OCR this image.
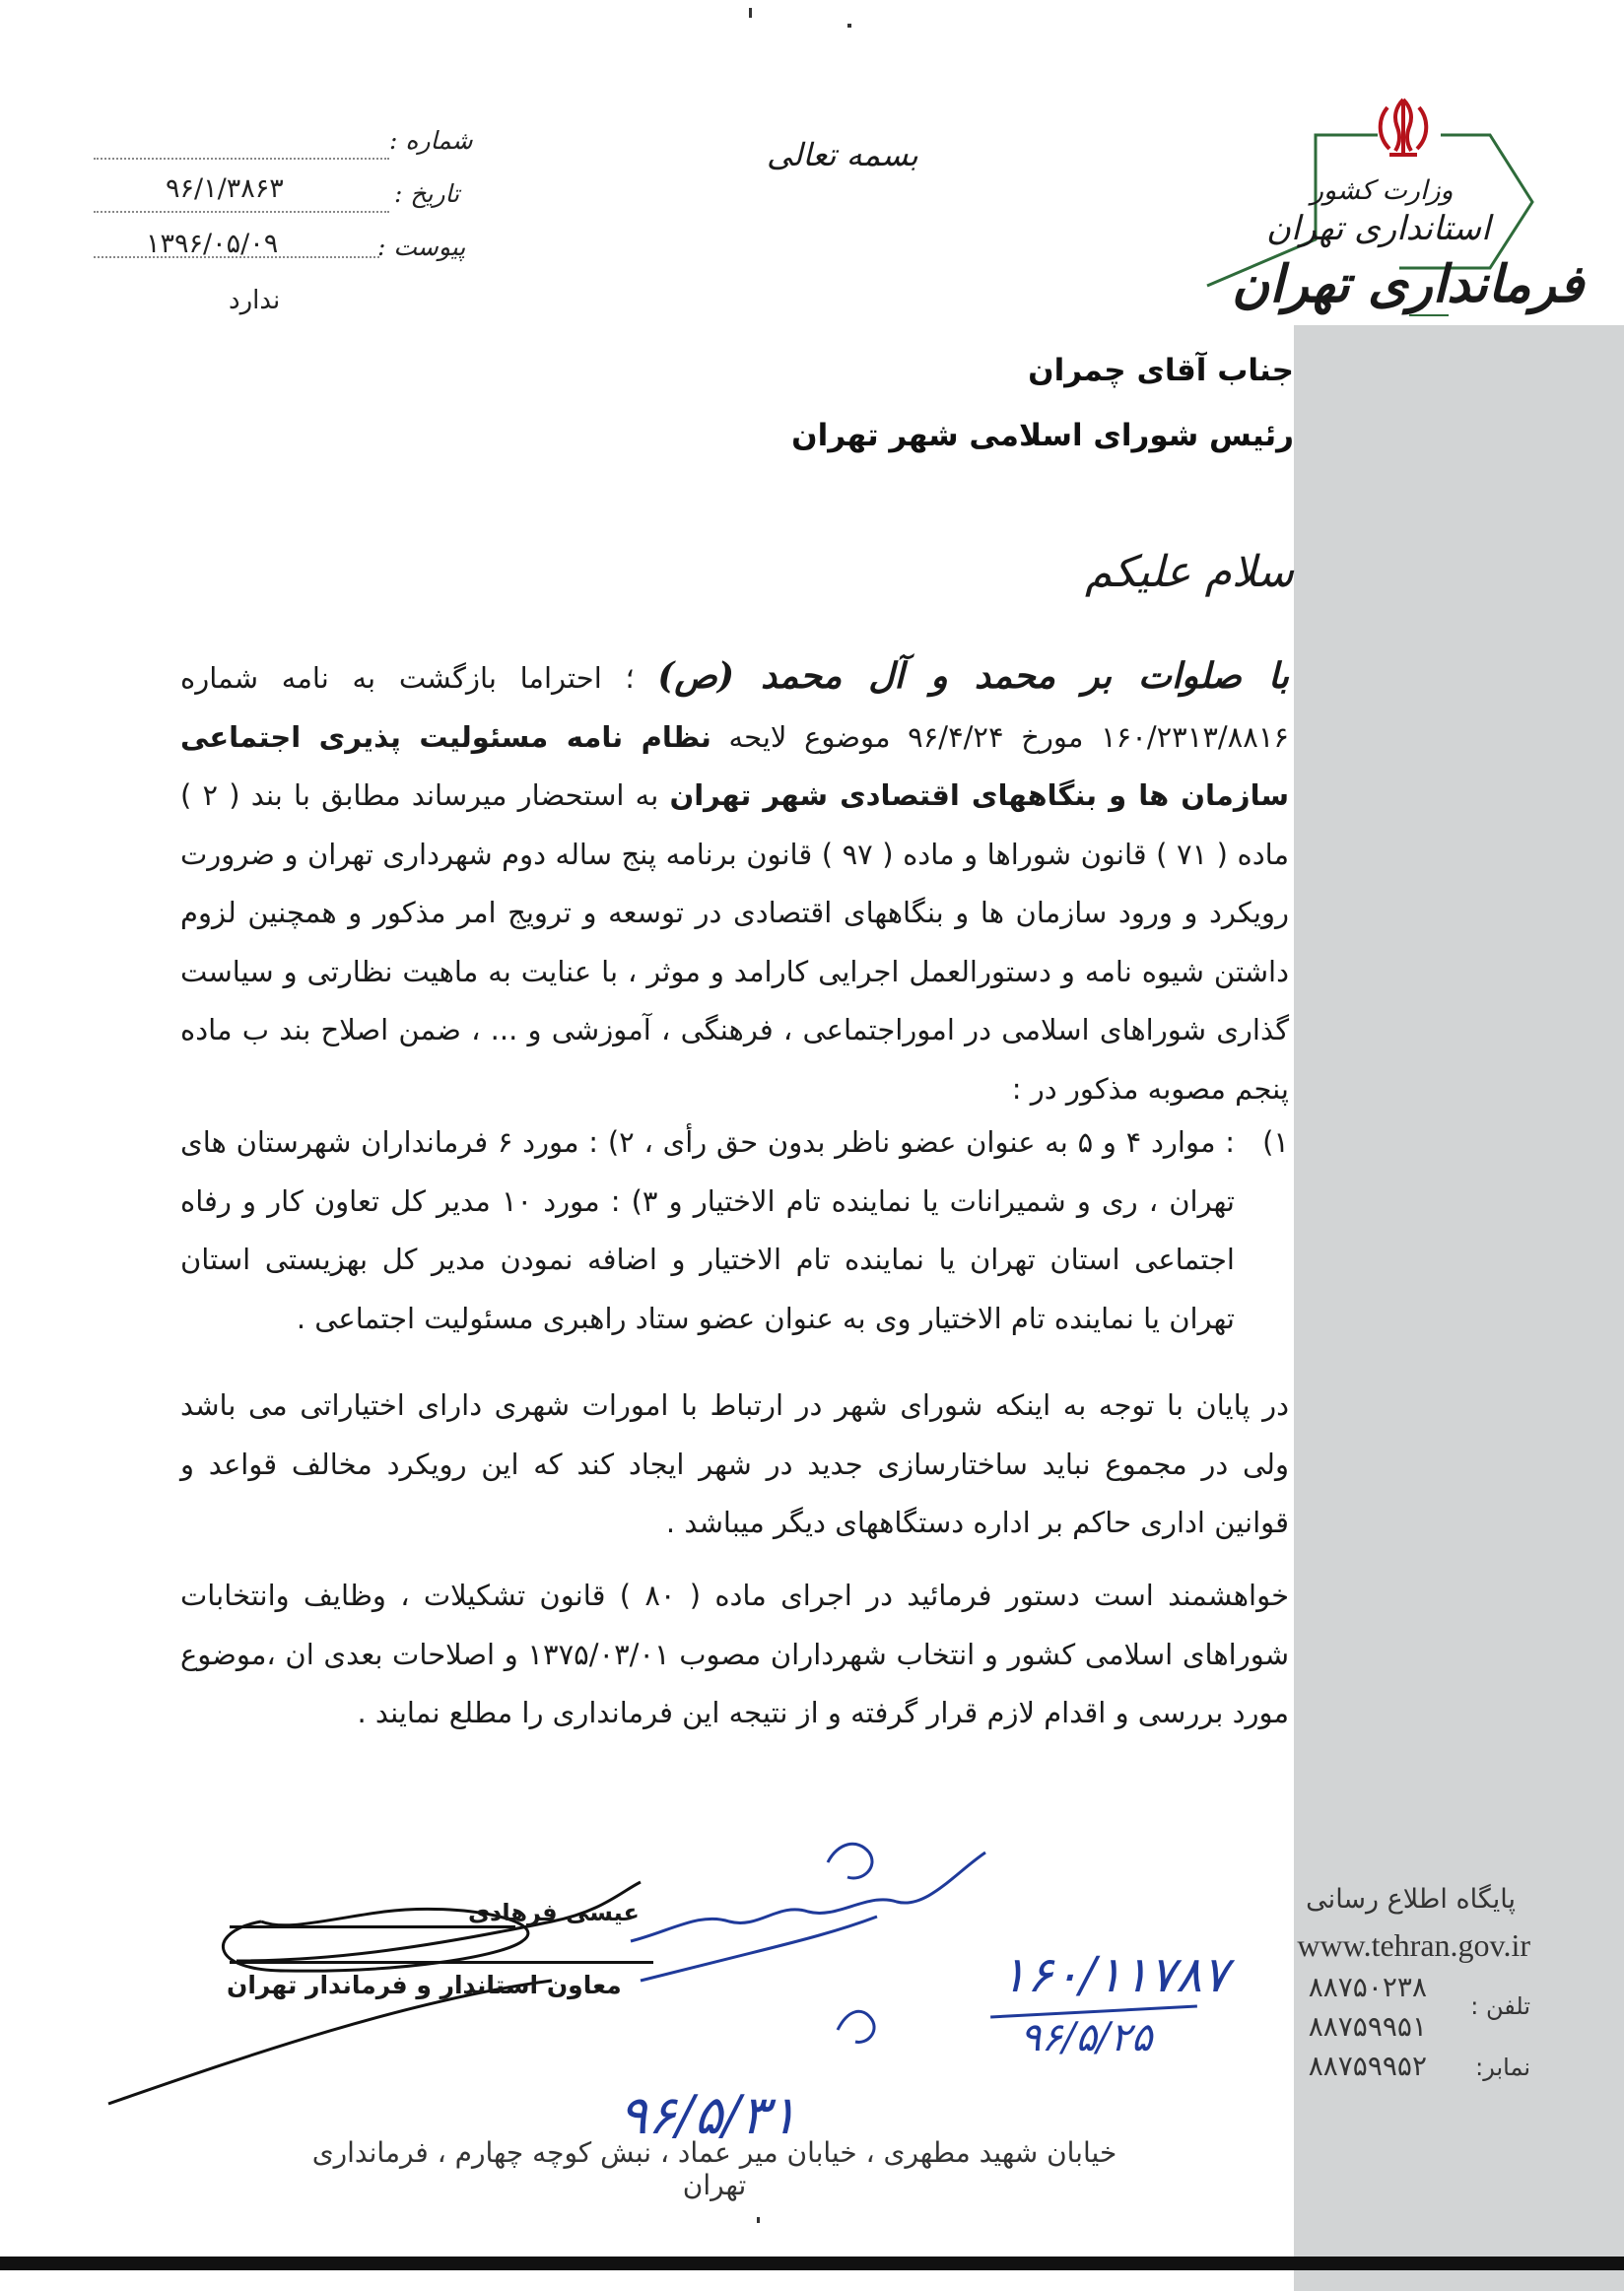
وزارت کشور
استانداری تهران
فرمانداری تهران
بسمه تعالی
شماره :
تاریخ :
۹۶/۱/۳۸۶۳
پیوست :
۱۳۹۶/۰۵/۰۹
ندارد
جناب آقای چمران
رئیس شورای اسلامی شهر تهران
سلام علیکم
با صلوات بر محمد و آل محمد (ص) ؛ احتراما بازگشت به نامه شماره ۱۶۰/۲۳۱۳/۸۸۱۶ مورخ ۹۶/۴/۲۴ موضوع لایحه نظام نامه مسئولیت پذیری اجتماعی سازمان ها و بنگاههای اقتصادی شهر تهران به استحضار میرساند مطابق با بند ( ۲ ) ماده ( ۷۱ ) قانون شوراها و ماده ( ۹۷ ) قانون برنامه پنج ساله دوم شهرداری تهران و ضرورت رویکرد و ورود سازمان ها و بنگاههای اقتصادی در توسعه و ترویج امر مذکور و همچنین لزوم داشتن شیوه نامه و دستورالعمل اجرایی کارامد و موثر ، با عنایت به ماهیت نظارتی و سیاست گذاری شوراهای اسلامی در اموراجتماعی ، فرهنگی ، آموزشی و ... ، ضمن اصلاح بند ب ماده پنجم مصوبه مذکور در :
۱)
: موارد ۴ و ۵ به عنوان عضو ناظر بدون حق رأی ، ۲) : مورد ۶ فرمانداران شهرستان های تهران ، ری و شمیرانات یا نماینده تام الاختیار و ۳) : مورد ۱۰ مدیر کل تعاون کار و رفاه اجتماعی استان تهران یا نماینده تام الاختیار و اضافه نمودن مدیر کل بهزیستی استان تهران یا نماینده تام الاختیار وی به عنوان عضو ستاد راهبری مسئولیت اجتماعی .
در پایان با توجه به اینکه شورای شهر در ارتباط با امورات شهری دارای اختیاراتی می باشد ولی در مجموع نباید ساختارسازی جدید در شهر ایجاد کند که این رویکرد مخالف قواعد و قوانین اداری حاکم بر اداره دستگاههای دیگر میباشد .
خواهشمند است دستور فرمائید در اجرای ماده ( ۸۰ ) قانون تشکیلات ، وظایف وانتخابات شوراهای اسلامی کشور و انتخاب شهرداران مصوب ۱۳۷۵/۰۳/۰۱ و اصلاحات بعدی ان ،موضوع مورد بررسی و اقدام لازم قرار گرفته و از نتیجه این فرمانداری را مطلع نمایند .
عیسی فرهادی
معاون استاندار و فرماندار تهران	۱۶۰/۱۱۷۸۷
۹۶/۵/۲۵
۹۶/۵/۳۱
پایگاه اطلاع رسانی
www.tehran.gov.ir
۸۸۷۵۰۲۳۸
تلفن :
۸۸۷۵۹۹۵۱
۸۸۷۵۹۹۵۲ نمابر:
خیابان شهید مطهری ، خیابان میر عماد ، نبش کوچه چهارم ، فرمانداری تهران
